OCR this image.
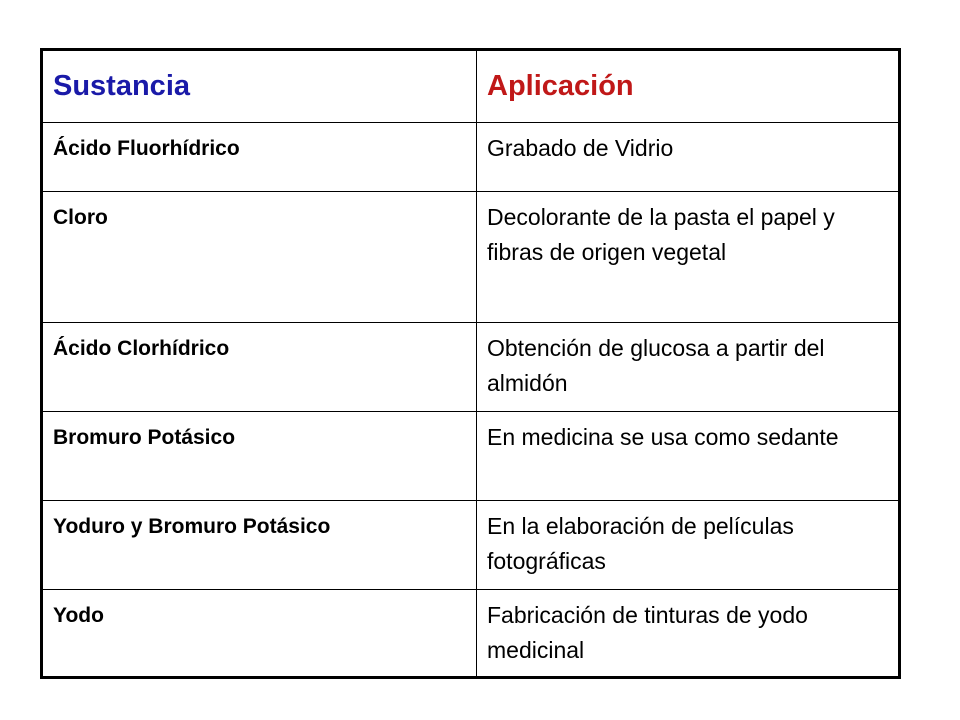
Sustancia	Aplicación
Ácido Fluorhídrico	Grabado de Vidrio
Cloro	Decolorante de la pasta el papel y fibras de origen vegetal
Ácido Clorhídrico	Obtención de glucosa a partir del almidón
Bromuro Potásico	En medicina se usa como sedante
Yoduro y Bromuro Potásico	En la elaboración de películas fotográficas
Yodo	Fabricación de tinturas de yodo medicinal
